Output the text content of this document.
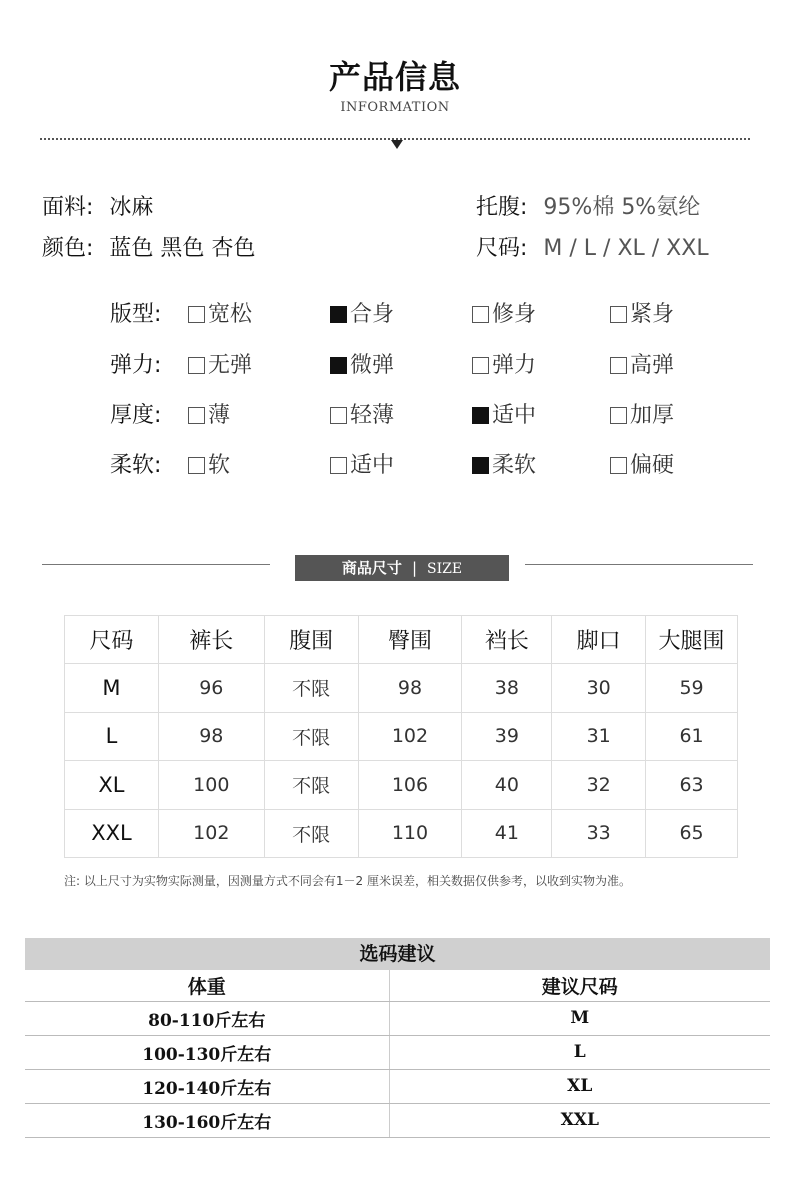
产品信息
INFORMATION
面料: 冰麻
颜色: 蓝色 黑色 杏色
托腹: 95%棉 5%氨纶
尺码: M / L / XL / XXL
版型:	宽松	合身	修身	紧身
弹力:	无弹	微弹	弹力	高弹
厚度:	薄	轻薄	适中	加厚
柔软:	软	适中	柔软	偏硬
商品尺寸 | SIZE
尺码	裤长	腹围	臀围	裆长	脚口	大腿围
M	96	不限	98	38	30	59
L	98	不限	102	39	31	61
XL	100	不限	106	40	32	63
XXL	102	不限	110	41	33	65
注: 以上尺寸为实物实际测量，因测量方式不同会有1－2 厘米误差，相关数据仅供参考，以收到实物为准。
选码建议
体重	建议尺码
80-110斤左右	M
100-130斤左右	L
120-140斤左右	XL
130-160斤左右	XXL
